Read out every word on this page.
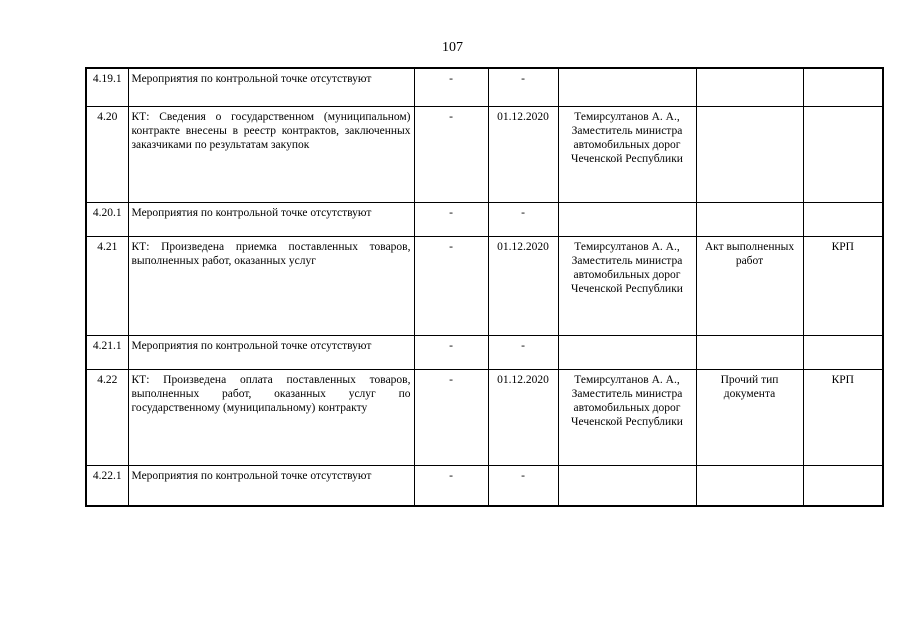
107
4.19.1	Мероприятия по контрольной точке отсутствуют	-	-			
4.20	КТ: Сведения о государственном (муниципальном) контракте внесены в реестр контрактов, заключенных заказчиками по результатам закупок	-	01.12.2020	Темирсултанов А. А., Заместитель министра автомобильных дорог Чеченской Республики		
4.20.1	Мероприятия по контрольной точке отсутствуют	-	-			
4.21	КТ: Произведена приемка поставленных товаров, выполненных работ, оказанных услуг	-	01.12.2020	Темирсултанов А. А., Заместитель министра автомобильных дорог Чеченской Республики	Акт выполненных работ	КРП
4.21.1	Мероприятия по контрольной точке отсутствуют	-	-			
4.22	КТ: Произведена оплата поставленных товаров, выполненных работ, оказанных услуг по государственному (муниципальному) контракту	-	01.12.2020	Темирсултанов А. А., Заместитель министра автомобильных дорог Чеченской Республики	Прочий тип документа	КРП
4.22.1	Мероприятия по контрольной точке отсутствуют	-	-			
